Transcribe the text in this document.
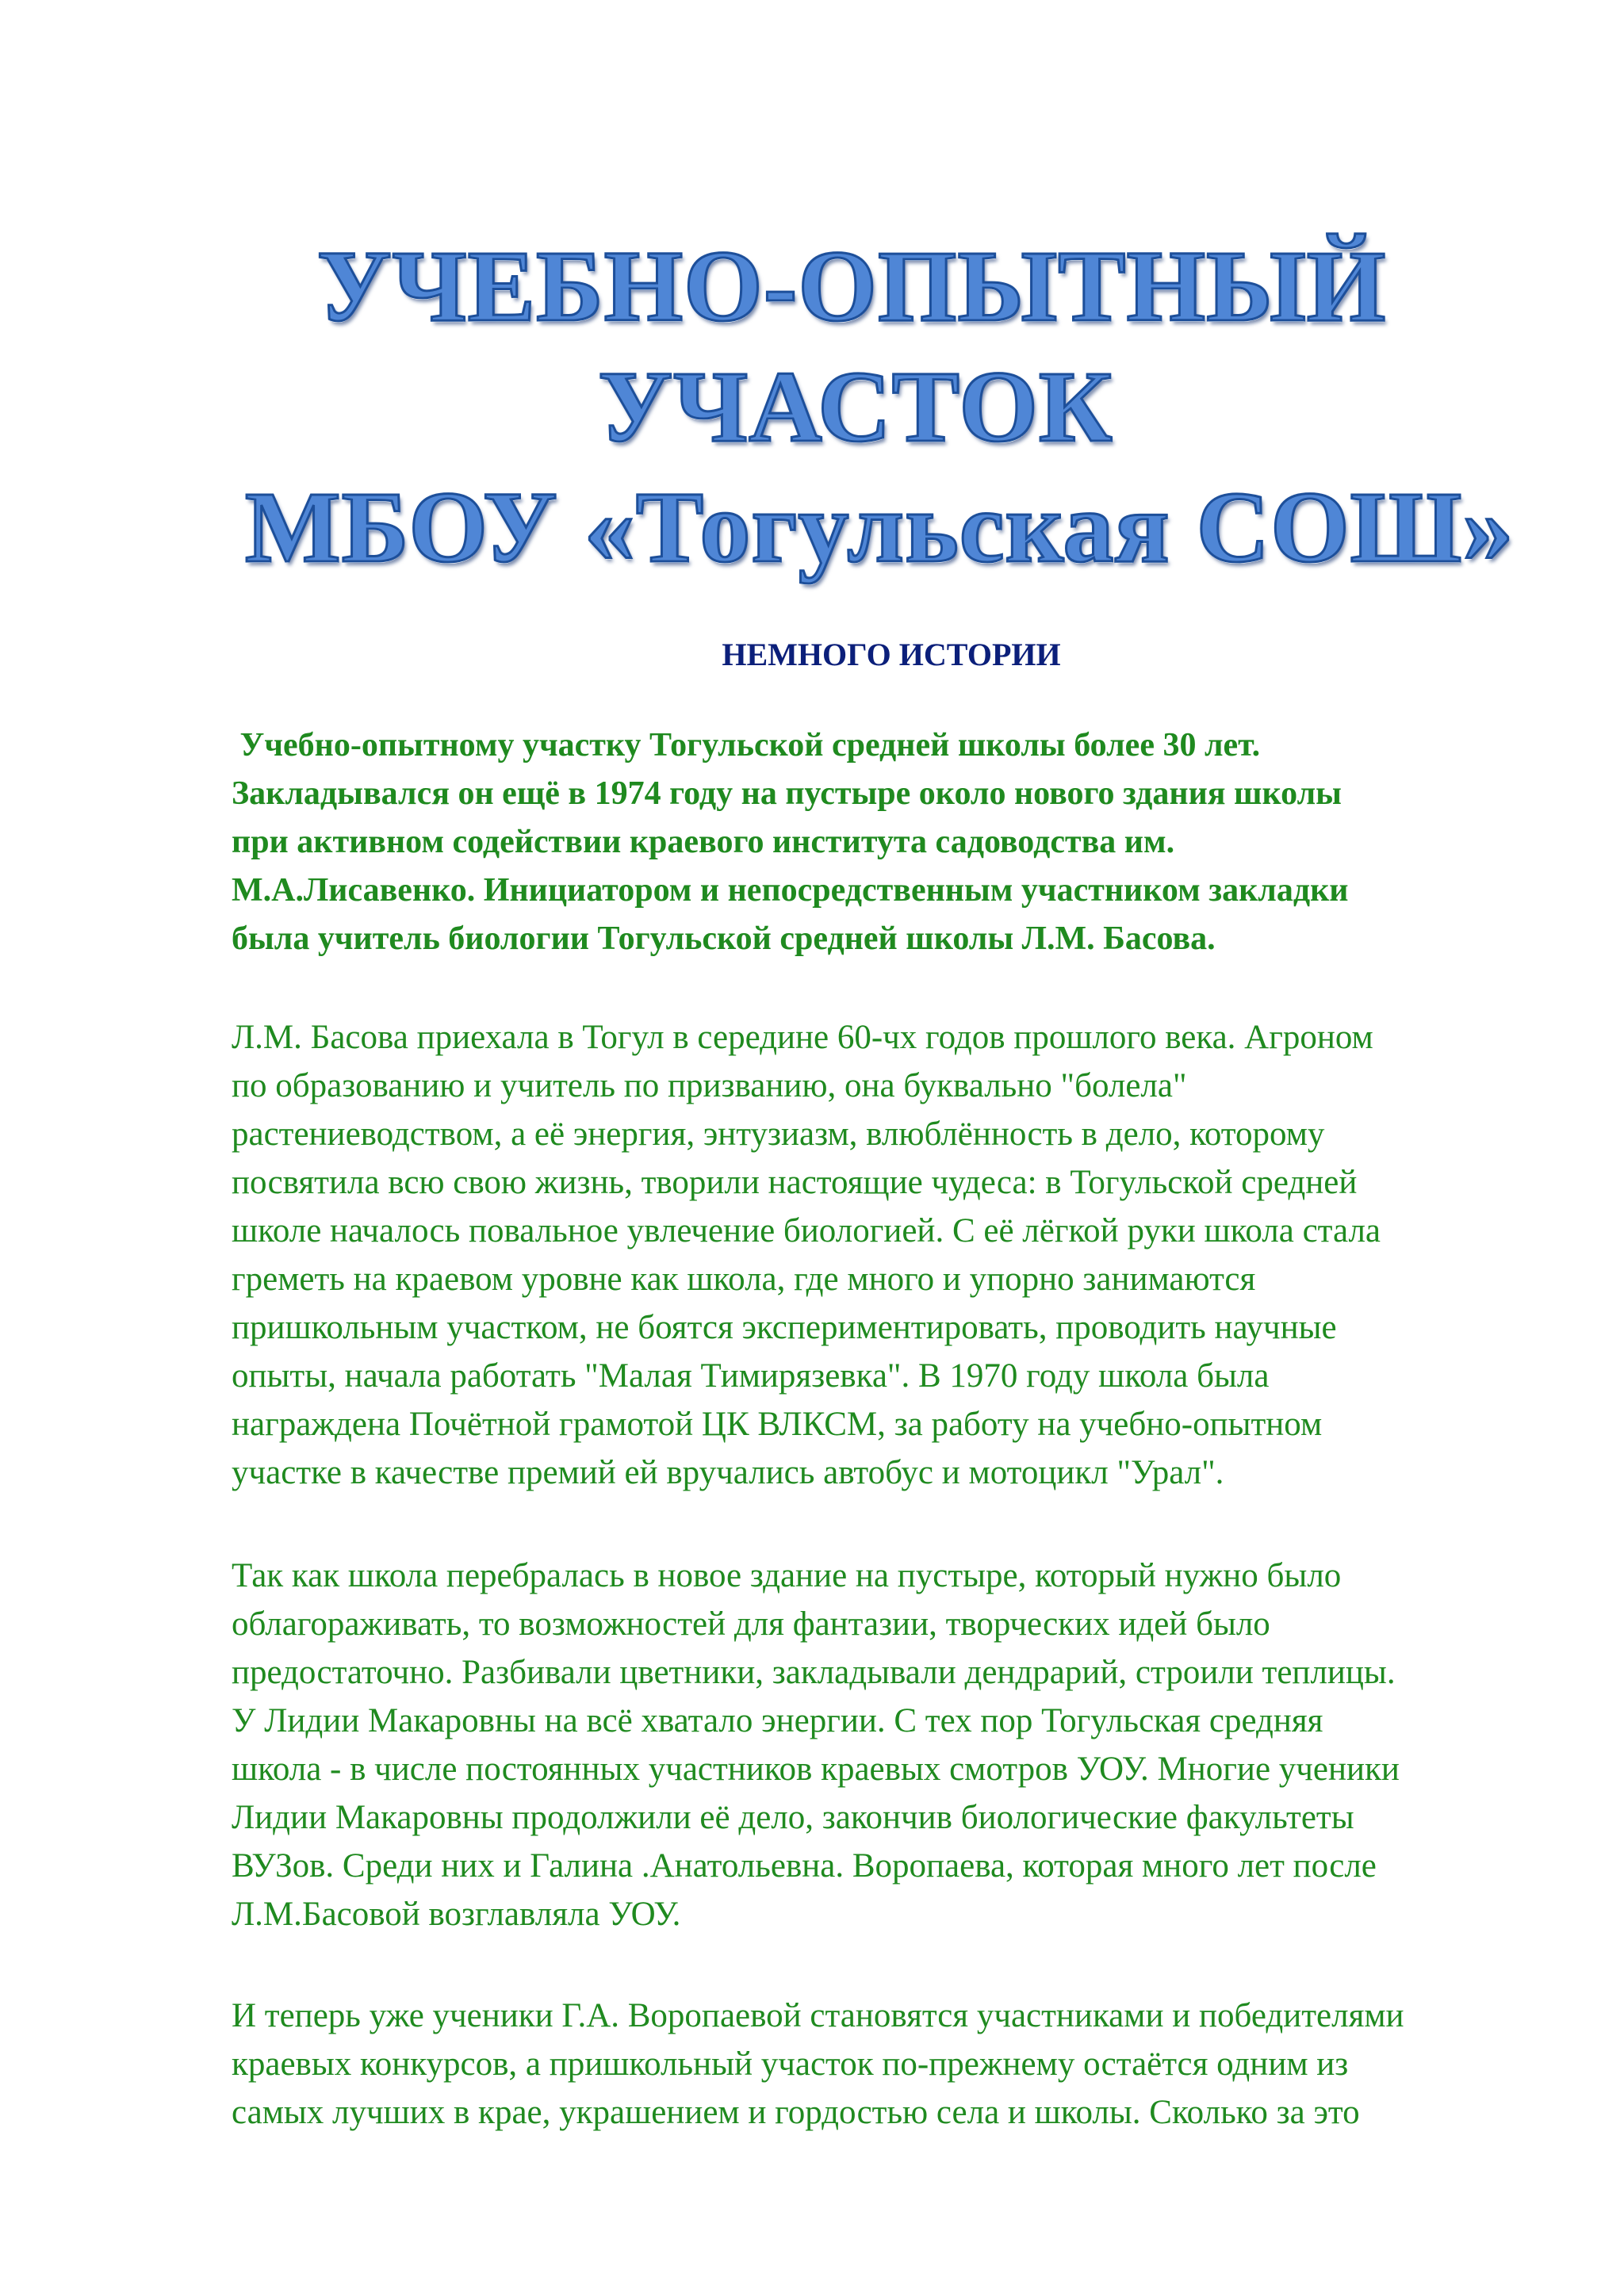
УЧЕБНО-ОПЫТНЫЙ
УЧАСТОК
МБОУ «Тогульская СОШ»
НЕМНОГО ИСТОРИИ

Учебно-опытному участку Тогульской средней школы более 30 лет.
Закладывался он ещё в 1974 году на пустыре около нового здания школы
при активном содействии краевого института садоводства им.
М.А.Лисавенко. Инициатором и непосредственным участником закладки
была учитель биологии Тогульской средней школы Л.М. Басова.

Л.М. Басова приехала в Тогул в середине 60-чх годов прошлого века. Агроном
по образованию и учитель по призванию, она буквально "болела"
растениеводством, а её энергия, энтузиазм, влюблённость в дело, которому
посвятила всю свою жизнь, творили настоящие чудеса: в Тогульской средней
школе началось повальное увлечение биологией. С её лёгкой руки школа стала
греметь на краевом уровне как школа, где много и упорно занимаются
пришкольным участком, не боятся экспериментировать, проводить научные
опыты, начала работать "Малая Тимирязевка". В 1970 году школа была
награждена Почётной грамотой ЦК ВЛКСМ, за работу на учебно-опытном
участке в качестве премий ей вручались автобус и мотоцикл "Урал".

Так как школа перебралась в новое здание на пустыре, который нужно было
облагораживать, то возможностей для фантазии, творческих идей было
предостаточно. Разбивали цветники, закладывали дендрарий, строили теплицы.
У Лидии Макаровны на всё хватало энергии. С тех пор Тогульская средняя
школа - в числе постоянных участников краевых смотров УОУ. Многие ученики
Лидии Макаровны продолжили её дело, закончив биологические факультеты
ВУЗов. Среди них и Галина .Анатольевна. Воропаева, которая много лет после
Л.М.Басовой возглавляла УОУ.

И теперь уже ученики Г.А. Воропаевой становятся участниками и победителями
краевых конкурсов, а пришкольный участок по-прежнему остаётся одним из
самых лучших в крае, украшением и гордостью села и школы. Сколько за это
